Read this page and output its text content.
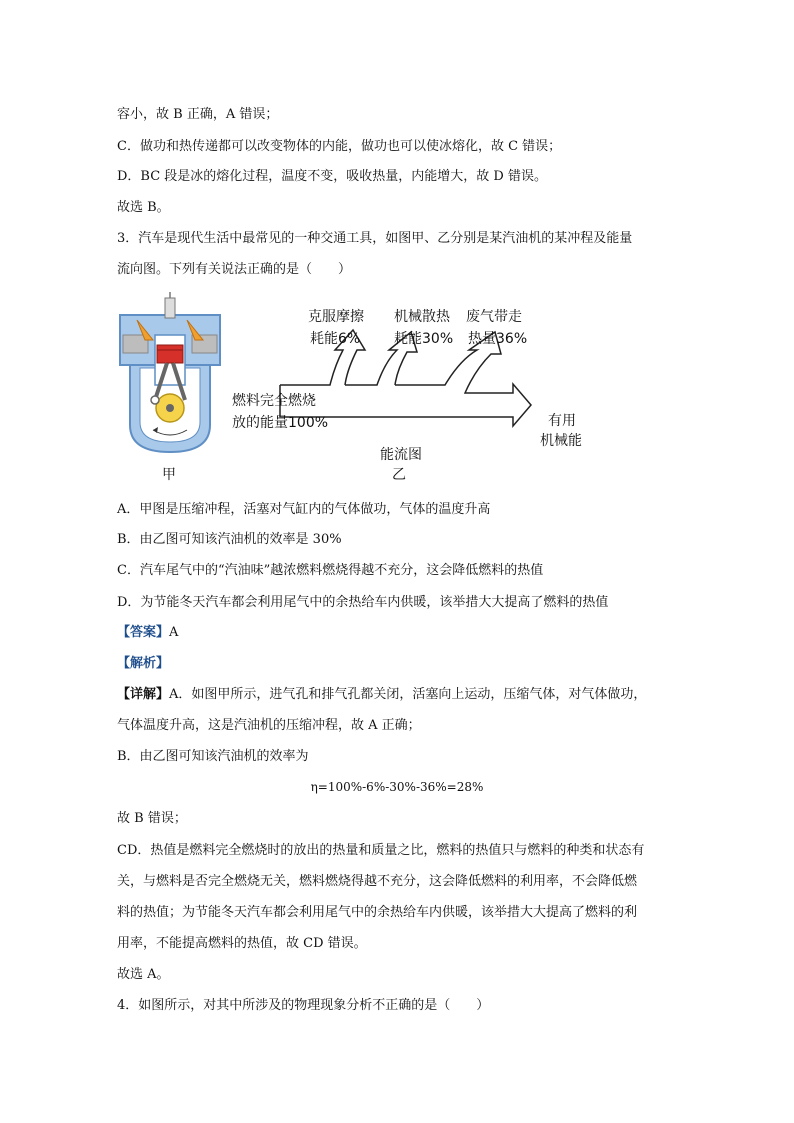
容小，故 B 正确，A 错误；
C．做功和热传递都可以改变物体的内能，做功也可以使冰熔化，故 C 错误；
D．BC 段是冰的熔化过程，温度不变，吸收热量，内能增大，故 D 错误。
故选 B。
3．汽车是现代生活中最常见的一种交通工具，如图甲、乙分别是某汽油机的某冲程及能量
流向图。下列有关说法正确的是（　　）
克服摩擦
耗能6%
机械散热
耗能30%
废气带走
热量36%
燃料完全燃烧
放的能量100%	有用
机械能
能流图
乙
甲
A．甲图是压缩冲程，活塞对气缸内的气体做功，气体的温度升高
B．由乙图可知该汽油机的效率是 30%
C．汽车尾气中的“汽油味”越浓燃料燃烧得越不充分，这会降低燃料的热值
D．为节能冬天汽车都会利用尾气中的余热给车内供暖，该举措大大提高了燃料的热值
【答案】A
【解析】
【详解】A．如图甲所示，进气孔和排气孔都关闭，活塞向上运动，压缩气体，对气体做功，
气体温度升高，这是汽油机的压缩冲程，故 A 正确；
B．由乙图可知该汽油机的效率为
η=100%-6%-30%-36%=28%
故 B 错误；
CD．热值是燃料完全燃烧时的放出的热量和质量之比，燃料的热值只与燃料的种类和状态有
关，与燃料是否完全燃烧无关，燃料燃烧得越不充分，这会降低燃料的利用率，不会降低燃
料的热值；为节能冬天汽车都会利用尾气中的余热给车内供暖，该举措大大提高了燃料的利
用率，不能提高燃料的热值，故 CD 错误。
故选 A。
4．如图所示，对其中所涉及的物理现象分析不正确的是（　　）
